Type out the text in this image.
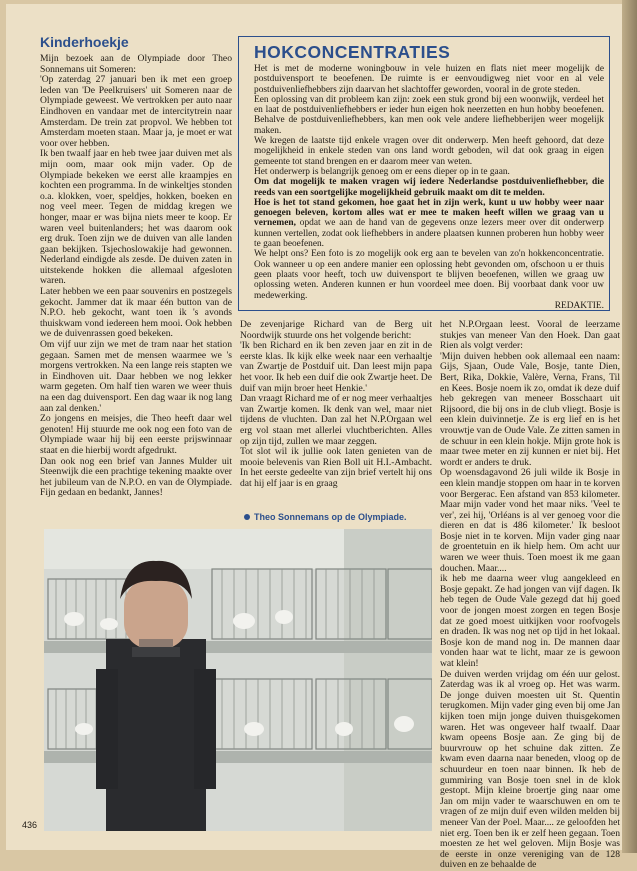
Kinderhoekje

Mijn bezoek aan de Olympiade door Theo Sonnemans uit Someren:

'Op zaterdag 27 januari ben ik met een groep leden van 'De Peelkruisers' uit Someren naar de Olympiade geweest. We vertrokken per auto naar Eindhoven en vandaar met de intercitytrein naar Amsterdam. De trein zat propvol. We hebben tot Amsterdam moeten staan. Maar ja, je moet er wat voor over hebben.

Ik ben twaalf jaar en heb twee jaar duiven met als mijn oom, maar ook mijn vader. Op de Olympiade bekeken we eerst alle kraampjes en kochten een programma. In de winkeltjes stonden o.a. klokken, voer, speldjes, hokken, boeken en nog veel meer. Tegen de middag kregen we honger, maar er was bijna niets meer te koop. Er waren veel buitenlanders; het was daarom ook erg druk. Toen zijn we de duiven van alle landen gaan bekijken. Tsjechoslowakije had gewonnen. Nederland eindigde als zesde. De duiven zaten in uitstekende hokken die allemaal afgesloten waren.

Later hebben we een paar souvenirs en postzegels gekocht. Jammer dat ik maar één button van de N.P.O. heb gekocht, want toen ik 's avonds thuiskwam vond iedereen hem mooi. Ook hebben we de duivenrassen goed bekeken.

Om vijf uur zijn we met de tram naar het station gegaan. Samen met de mensen waarmee we 's morgens vertrokken. Na een lange reis stapten we in Eindhoven uit. Daar hebben we nog lekker warm gegeten. Om half tien waren we weer thuis na een dag duivensport. Een dag waar ik nog lang aan zal denken.'

Zo jongens en meisjes, die Theo heeft daar wel genoten! Hij stuurde me ook nog een foto van de Olympiade waar hij bij een eerste prijswinnaar staat en die hierbij wordt afgedrukt.

Dan ook nog een brief van Jannes Mulder uit Steenwijk die een prachtige tekening maakte over het jubileum van de N.P.O. en van de Olympiade. Fijn gedaan en bedankt, Jannes!

HOKCONCENTRATIES

Het is met de moderne woningbouw in vele huizen en flats niet meer mogelijk de postduivensport te beoefenen. De ruimte is er eenvoudigweg niet voor en al vele postduivenliefhebbers zijn daarvan het slachtoffer geworden, vooral in de grote steden.

Een oplossing van dit probleem kan zijn: zoek een stuk grond bij een woonwijk, verdeel het en laat de postduivenliefhebbers er ieder hun eigen hok neerzetten en hun hobby beoefenen. Behalve de postduivenliefhebbers, kan men ook vele andere liefhebberijen weer mogelijk maken.

We kregen de laatste tijd enkele vragen over dit onderwerp. Men heeft gehoord, dat deze mogelijkheid in enkele steden van ons land wordt geboden, wil dat ook graag in eigen gemeente tot stand brengen en er daarom meer van weten.

Het onderwerp is belangrijk genoeg om er eens dieper op in te gaan.

Om dat mogelijk te maken vragen wij iedere Nederlandse postduivenliefhebber, die reeds van een soortgelijke mogelijkheid gebruik maakt om dit te melden.

Hoe is het tot stand gekomen, hoe gaat het in zijn werk, kunt u uw hobby weer naar genoegen beleven, kortom alles wat er mee te maken heeft willen we graag van u vernemen, opdat we aan de hand van de gegevens onze lezers meer over dit onderwerp kunnen vertellen, zodat ook liefhebbers in andere plaatsen kunnen proberen hun hobby weer te gaan beoefenen.

We helpt ons? Een foto is zo mogelijk ook erg aan te bevelen van zo'n hokkenconcentratie. Ook wanneer u op een andere manier een oplossing hebt gevonden om, ofschoon u er thuis geen plaats voor heeft, toch uw duivensport te blijven beoefenen, willen we graag uw oplossing weten. Anderen kunnen er hun voordeel mee doen. Bij voorbaat dank voor uw medewerking.

REDAKTIE.

De zevenjarige Richard van de Berg uit Noordwijk stuurde ons het volgende bericht:

'Ik ben Richard en ik ben zeven jaar en zit in de eerste klas. Ik kijk elke week naar een verhaaltje van Zwartje de Postduif uit. Dan leest mijn papa het voor. Ik heb een duif die ook Zwartje heet. De duif van mijn broer heet Henkie.'

Dan vraagt Richard me of er nog meer verhaaltjes van Zwartje komen. Ik denk van wel, maar niet tijdens de vluchten. Dan zal het N.P.Orgaan wel erg vol staan met allerlei vluchtberichten. Alles op zijn tijd, zullen we maar zeggen.

Tot slot wil ik jullie ook laten genieten van de mooie belevenis van Rien Boll uit H.I.-Ambacht. In het eerste gedeelte van zijn brief vertelt hij ons dat hij elf jaar is en graag

Theo Sonnemans op de Olympiade.

het N.P.Orgaan leest. Vooral de leerzame stukjes van meneer Van den Hoek. Dan gaat Rien als volgt verder:

'Mijn duiven hebben ook allemaal een naam: Gijs, Sjaan, Oude Vale, Bosje, tante Dien, Bert, Rika, Dokkie, Valère, Verna, Frans, Til en Kees. Bosje noem ik zo, omdat ik deze duif heb gekregen van meneer Bosschaart uit Rijsoord, die bij ons in de club vliegt. Bosje is een klein duivinnetje. Ze is erg lief en is het vrouwtje van de Oude Vale. Ze zitten samen in de schuur in een klein hokje. Mijn grote hok is maar twee meter en zij kunnen er niet bij. Het wordt er anders te druk.

Op woensdagavond 26 juli wilde ik Bosje in een klein mandje stoppen om haar in te korven voor Bergerac. Een afstand van 853 kilometer. Maar mijn vader vond het maar niks. 'Veel te ver', zei hij, 'Orléans is al ver genoeg voor die dieren en dat is 486 kilometer.' Ik besloot Bosje niet in te korven. Mijn vader ging naar de groentetuin en ik hielp hem. Om acht uur waren we weer thuis. Toen moest ik me gaan douchen. Maar....

ik heb me daarna weer vlug aangekleed en Bosje gepakt. Ze had jongen van vijf dagen. Ik heb tegen de Oude Vale gezegd dat hij goed voor de jongen moest zorgen en tegen Bosje dat ze goed moest uitkijken voor roofvogels en draden. Ik was nog net op tijd in het lokaal. Bosje kon de mand nog in. De mannen daar vonden haar wat te licht, maar ze is gewoon wat klein!

De duiven werden vrijdag om één uur gelost. Zaterdag was ik al vroeg op. Het was warm. De jonge duiven moesten uit St. Quentin terugkomen. Mijn vader ging even bij ome Jan kijken toen mijn jonge duiven thuisgekomen waren. Het was ongeveer half twaalf. Daar kwam opeens Bosje aan. Ze ging bij de buurvrouw op het schuine dak zitten. Ze kwam even daarna naar beneden, vloog op de schuurdeur en toen naar binnen. Ik heb de gummiring van Bosje toen snel in de klok gestopt. Mijn kleine broertje ging naar ome Jan om mijn vader te waarschuwen en om te vragen of ze mijn duif even wilden melden bij meneer Van der Poel. Maar.... ze geloofden het niet erg. Toen ben ik er zelf heen gegaan. Toen moesten ze het wel geloven. Mijn Bosje was de eerste in onze vereniging van de 128 duiven en ze behaalde de

436
